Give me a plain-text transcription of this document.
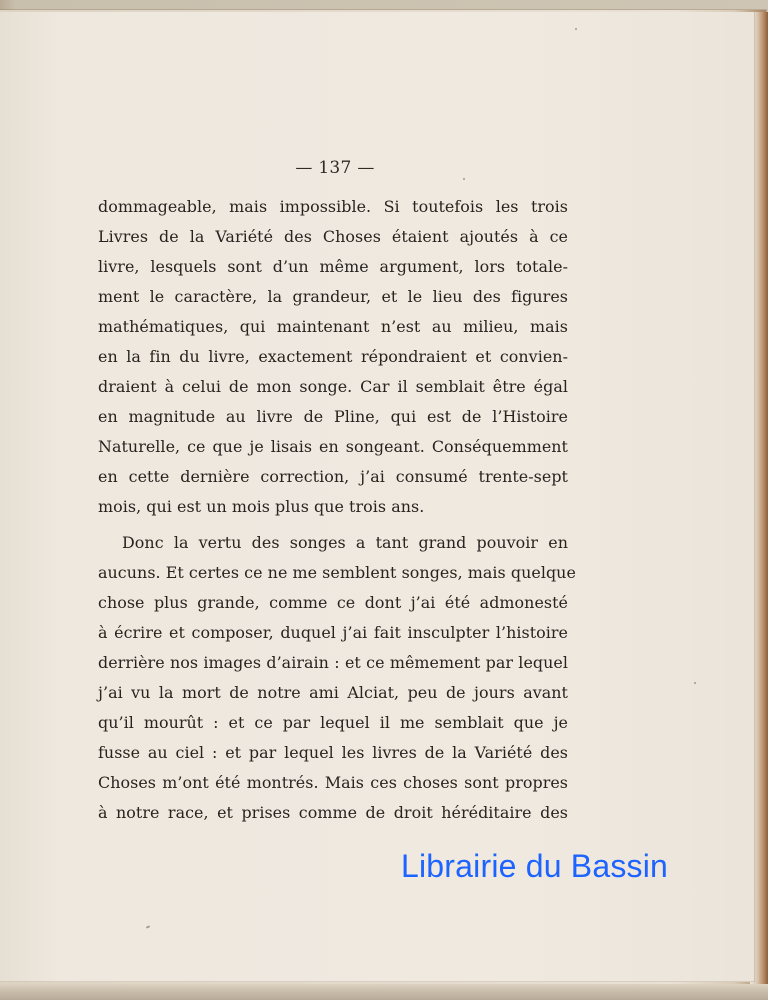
— 137 —

dommageable, mais impossible. Si toutefois les trois
Livres de la Variété des Choses étaient ajoutés à ce
livre, lesquels sont d’un même argument, lors totale-
ment le caractère, la grandeur, et le lieu des figures
mathématiques, qui maintenant n’est au milieu, mais
en la fin du livre, exactement répondraient et convien-
draient à celui de mon songe. Car il semblait être égal
en magnitude au livre de Pline, qui est de l’Histoire
Naturelle, ce que je lisais en songeant. Conséquemment
en cette dernière correction, j’ai consumé trente-sept
mois, qui est un mois plus que trois ans.

Donc la vertu des songes a tant grand pouvoir en
aucuns. Et certes ce ne me semblent songes, mais quelque
chose plus grande, comme ce dont j’ai été admonesté
à écrire et composer, duquel j’ai fait insculpter l’histoire
derrière nos images d’airain : et ce mêmement par lequel
j’ai vu la mort de notre ami Alciat, peu de jours avant
qu’il mourût : et ce par lequel il me semblait que je
fusse au ciel : et par lequel les livres de la Variété des
Choses m’ont été montrés. Mais ces choses sont propres
à notre race, et prises comme de droit héréditaire des

Librairie du Bassin
